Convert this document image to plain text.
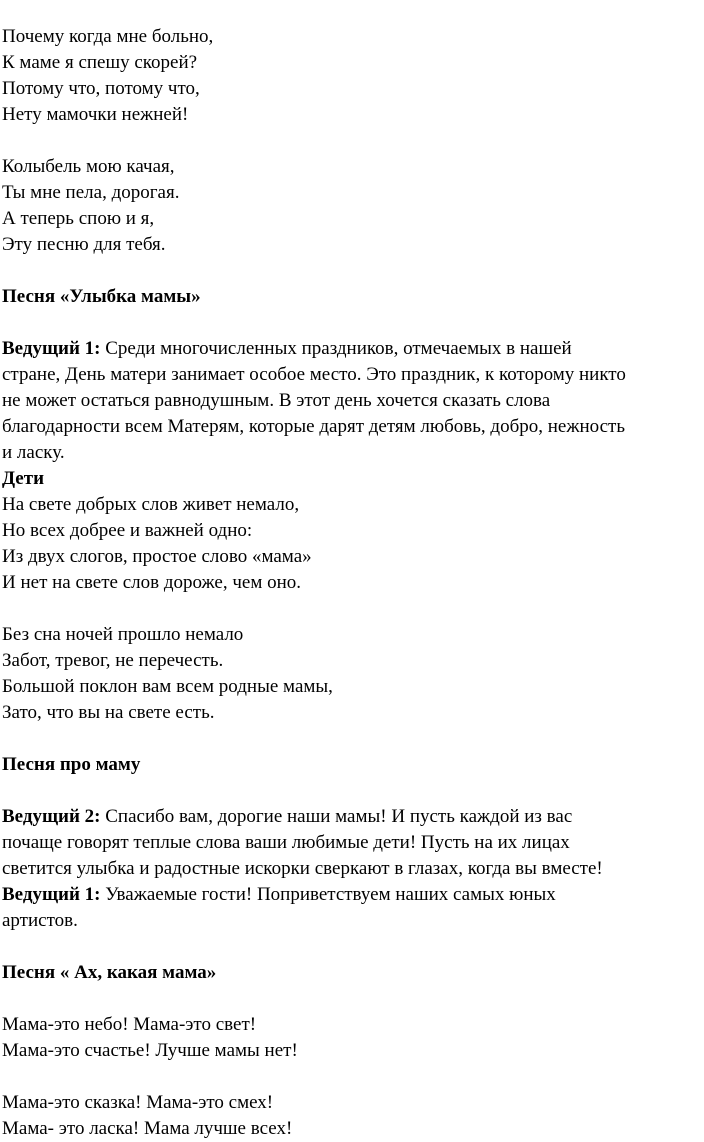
Почему когда мне больно,
К маме я спешу скорей?
Потому что, потому что,
Нету мамочки нежней!
Колыбель мою качая,
Ты мне пела, дорогая.
А теперь спою и я,
Эту песню для тебя.
Песня «Улыбка мамы»
Ведущий 1: Среди многочисленных праздников, отмечаемых в нашей
стране, День матери занимает особое место. Это праздник, к которому никто
не может остаться равнодушным. В этот день хочется сказать слова
благодарности всем Матерям, которые дарят детям любовь, добро, нежность
и ласку.
Дети
На свете добрых слов живет немало,
Но всех добрее и важней одно:
Из двух слогов, простое слово «мама»
И нет на свете слов дороже, чем оно.
Без сна ночей прошло немало
Забот, тревог, не перечесть.
Большой поклон вам всем родные мамы,
Зато, что вы на свете есть.
Песня про маму
Ведущий 2: Спасибо вам, дорогие наши мамы! И пусть каждой из вас
почаще говорят теплые слова ваши любимые дети! Пусть на их лицах
светится улыбка и радостные искорки сверкают в глазах, когда вы вместе!
Ведущий 1: Уважаемые гости! Поприветствуем наших самых юных
артистов.
Песня « Ах, какая мама»
Мама-это небо! Мама-это свет!
Мама-это счастье! Лучше мамы нет!
Мама-это сказка! Мама-это смех!
Мама- это ласка! Мама лучше всех!
